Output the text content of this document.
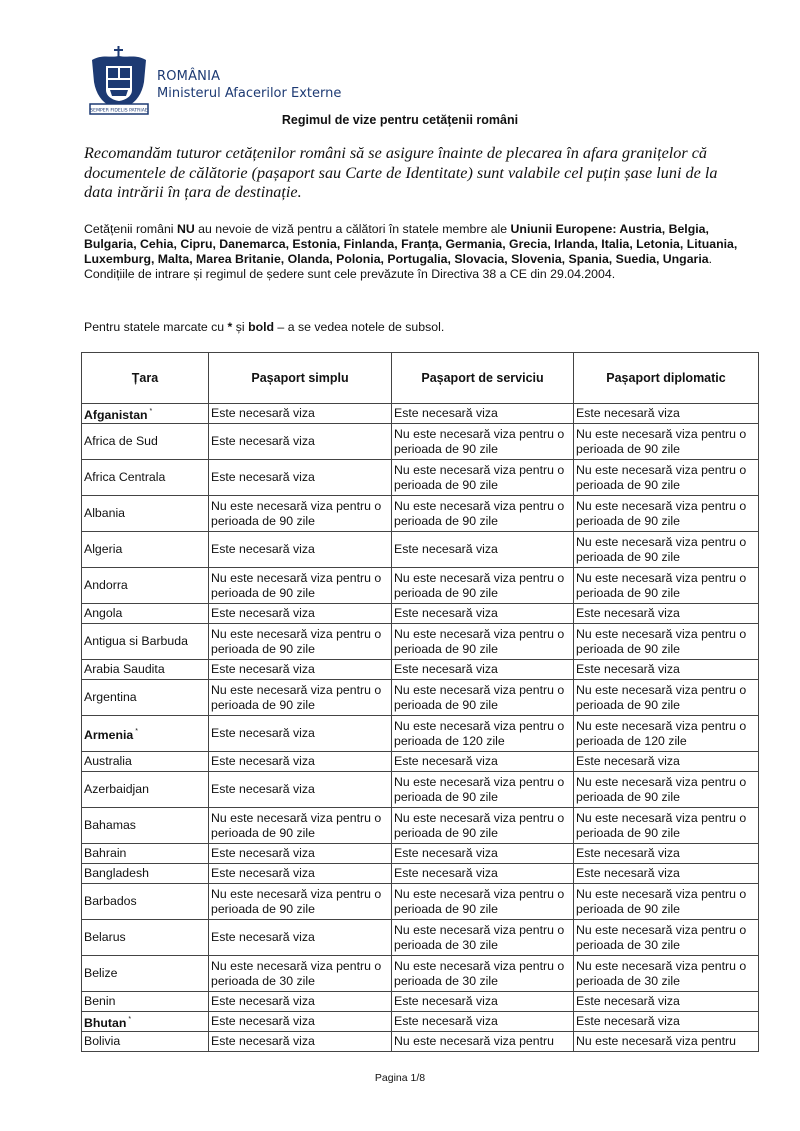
SEMPER FIDELIS PATRIAE
ROMÂNIA
Ministerul Afacerilor Externe
Regimul de vize pentru cetățenii români
Recomandăm tuturor cetățenilor români să se asigure înainte de plecarea în afara granițelor că documentele de călătorie (pașaport sau Carte de Identitate) sunt valabile cel puțin șase luni de la data intrării în țara de destinație.
Cetățenii români NU au nevoie de viză pentru a călători în statele membre ale Uniunii Europene: Austria, Belgia, Bulgaria, Cehia, Cipru, Danemarca, Estonia, Finlanda, Franța, Germania, Grecia, Irlanda, Italia, Letonia, Lituania, Luxemburg, Malta, Marea Britanie, Olanda, Polonia, Portugalia, Slovacia, Slovenia, Spania, Suedia, Ungaria.
Condițiile de intrare și regimul de ședere sunt cele prevăzute în Directiva 38 a CE din 29.04.2004.
Pentru statele marcate cu * și bold – a se vedea notele de subsol.
Țara	Pașaport simplu	Pașaport de serviciu	Pașaport diplomatic
Afganistan *	Este necesară viza	Este necesară viza	Este necesară viza
Africa de Sud	Este necesară viza	Nu este necesară viza pentru o perioada de 90 zile	Nu este necesară viza pentru o perioada de 90 zile
Africa Centrala	Este necesară viza	Nu este necesară viza pentru o perioada de 90 zile	Nu este necesară viza pentru o perioada de 90 zile
Albania	Nu este necesară viza pentru o perioada de 90 zile	Nu este necesară viza pentru o perioada de 90 zile	Nu este necesară viza pentru o perioada de 90 zile
Algeria	Este necesară viza	Este necesară viza	Nu este necesară viza pentru o perioada de 90 zile
Andorra	Nu este necesară viza pentru o perioada de 90 zile	Nu este necesară viza pentru o perioada de 90 zile	Nu este necesară viza pentru o perioada de 90 zile
Angola	Este necesară viza	Este necesară viza	Este necesară viza
Antigua si Barbuda	Nu este necesară viza pentru o perioada de 90 zile	Nu este necesară viza pentru o perioada de 90 zile	Nu este necesară viza pentru o perioada de 90 zile
Arabia Saudita	Este necesară viza	Este necesară viza	Este necesară viza
Argentina	Nu este necesară viza pentru o perioada de 90 zile	Nu este necesară viza pentru o perioada de 90 zile	Nu este necesară viza pentru o perioada de 90 zile
Armenia *	Este necesară viza	Nu este necesară viza pentru o perioada de 120 zile	Nu este necesară viza pentru o perioada de 120 zile
Australia	Este necesară viza	Este necesară viza	Este necesară viza
Azerbaidjan	Este necesară viza	Nu este necesară viza pentru o perioada de 90 zile	Nu este necesară viza pentru o perioada de 90 zile
Bahamas	Nu este necesară viza pentru o perioada de 90 zile	Nu este necesară viza pentru o perioada de 90 zile	Nu este necesară viza pentru o perioada de 90 zile
Bahrain	Este necesară viza	Este necesară viza	Este necesară viza
Bangladesh	Este necesară viza	Este necesară viza	Este necesară viza
Barbados	Nu este necesară viza pentru o perioada de 90 zile	Nu este necesară viza pentru o perioada de 90 zile	Nu este necesară viza pentru o perioada de 90 zile
Belarus	Este necesară viza	Nu este necesară viza pentru o perioada de 30 zile	Nu este necesară viza pentru o perioada de 30 zile
Belize	Nu este necesară viza pentru o perioada de 30 zile	Nu este necesară viza pentru o perioada de 30 zile	Nu este necesară viza pentru o perioada de 30 zile
Benin	Este necesară viza	Este necesară viza	Este necesară viza
Bhutan *	Este necesară viza	Este necesară viza	Este necesară viza
Bolivia	Este necesară viza	Nu este necesară viza pentru	Nu este necesară viza pentru
Pagina 1/8
